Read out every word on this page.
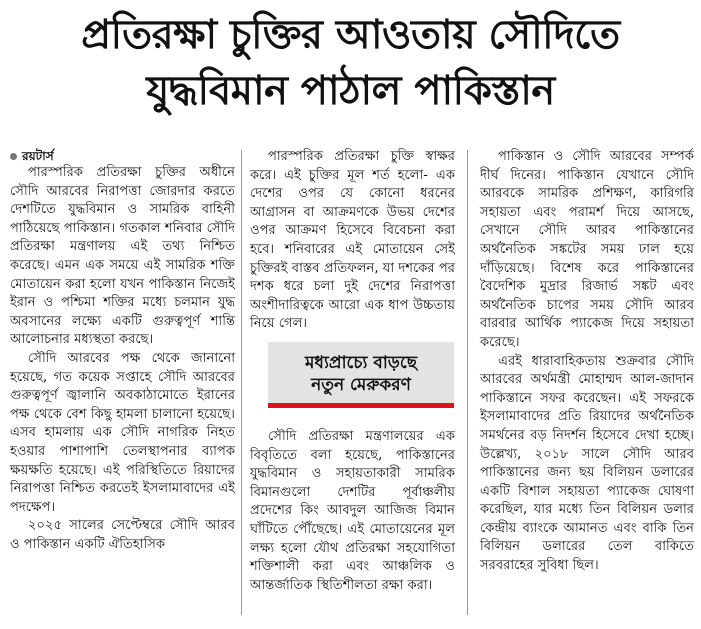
প্রতিরক্ষা চুক্তির আওতায় সৌদিতে
যুদ্ধবিমান পাঠাল পাকিস্তান
রয়টার্স

পারস্পরিক প্রতিরক্ষা চুক্তির অধীনে সৌদি আরবের নিরাপত্তা জোরদার করতে দেশটিতে যুদ্ধবিমান ও সামরিক বাহিনী পাঠিয়েছে পাকিস্তান। গতকাল শনিবার সৌদি প্রতিরক্ষা মন্ত্রণালয় এই তথ্য নিশ্চিত করেছে। এমন এক সময়ে এই সামরিক শক্তি মোতায়েন করা হলো যখন পাকিস্তান নিজেই ইরান ও পশ্চিমা শক্তির মধ্যে চলমান যুদ্ধ অবসানের লক্ষ্যে একটি গুরুত্বপূর্ণ শান্তি আলোচনার মধ্যস্থতা করছে।

সৌদি আরবের পক্ষ থেকে জানানো হয়েছে, গত কয়েক সপ্তাহে সৌদি আরবের গুরুত্বপূর্ণ জ্বালানি অবকাঠামোতে ইরানের পক্ষ থেকে বেশ কিছু হামলা চালানো হয়েছে। এসব হামলায় এক সৌদি নাগরিক নিহত হওয়ার পাশাপাশি তেলস্থাপনার ব্যাপক ক্ষয়ক্ষতি হয়েছে। এই পরিস্থিতিতে রিয়াদের নিরাপত্তা নিশ্চিত করতেই ইসলামাবাদের এই পদক্ষেপ।

২০২৫ সালের সেপ্টেম্বরে সৌদি আরব ও পাকিস্তান একটি ঐতিহাসিক

পারস্পরিক প্রতিরক্ষা চুক্তি স্বাক্ষর করে। এই চুক্তির মূল শর্ত হলো- এক দেশের ওপর যে কোনো ধরনের আগ্রাসন বা আক্রমণকে উভয় দেশের ওপর আক্রমণ হিসেবে বিবেচনা করা হবে। শনিবারের এই মোতায়েন সেই চুক্তিরই বাস্তব প্রতিফলন, যা দশকের পর দশক ধরে চলা দুই দেশের নিরাপত্তা অংশীদারিত্বকে আরো এক ধাপ উচ্চতায় নিয়ে গেল।

মধ্যপ্রাচ্যে বাড়ছে
নতুন মেরুকরণ

সৌদি প্রতিরক্ষা মন্ত্রণালয়ের এক বিবৃতিতে বলা হয়েছে, পাকিস্তানের যুদ্ধবিমান ও সহায়তাকারী সামরিক বিমানগুলো দেশটির পূর্বাঞ্চলীয় প্রদেশের কিং আবদুল আজিজ বিমান ঘাঁটিতে পৌঁছেছে। এই মোতায়েনের মূল লক্ষ্য হলো যৌথ প্রতিরক্ষা সহযোগিতা শক্তিশালী করা এবং আঞ্চলিক ও আন্তর্জাতিক স্থিতিশীলতা রক্ষা করা।

পাকিস্তান ও সৌদি আরবের সম্পর্ক দীর্ঘ দিনের। পাকিস্তান যেখানে সৌদি আরবকে সামরিক প্রশিক্ষণ, কারিগরি সহায়তা এবং পরামর্শ দিয়ে আসছে, সেখানে সৌদি আরব পাকিস্তানের অর্থনৈতিক সঙ্কটের সময় ঢাল হয়ে দাঁড়িয়েছে। বিশেষ করে পাকিস্তানের বৈদেশিক মুদ্রার রিজার্ভ সঙ্কট এবং অর্থনৈতিক চাপের সময় সৌদি আরব বারবার আর্থিক প্যাকেজ দিয়ে সহায়তা করেছে।

এরই ধারাবাহিকতায় শুক্রবার সৌদি আরবের অর্থমন্ত্রী মোহাম্মদ আল-জাদান পাকিস্তানে সফর করেছেন। এই সফরকে ইসলামাবাদের প্রতি রিয়াদের অর্থনৈতিক সমর্থনের বড় নিদর্শন হিসেবে দেখা হচ্ছে। উল্লেখ্য, ২০১৮ সালে সৌদি আরব পাকিস্তানের জন্য ছয় বিলিয়ন ডলারের একটি বিশাল সহায়তা প্যাকেজ ঘোষণা করেছিল, যার মধ্যে তিন বিলিয়ন ডলার কেন্দ্রীয় ব্যাংকে আমানত এবং বাকি তিন বিলিয়ন ডলারের তেল বাকিতে সরবরাহের সুবিধা ছিল।
